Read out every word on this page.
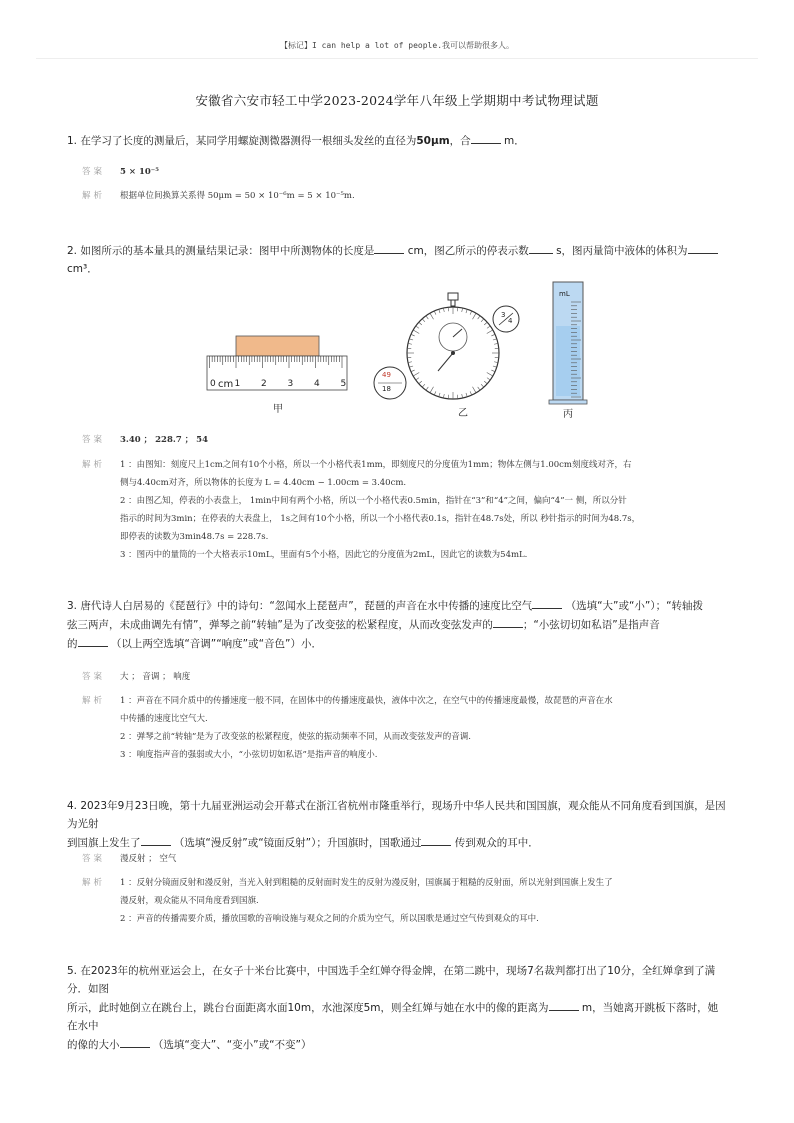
【标记】I can help a lot of people.我可以帮助很多人。
安徽省六安市轻工中学2023-2024学年八年级上学期期中考试物理试题
1. 在学习了长度的测量后，某同学用螺旋测微器测得一根细头发丝的直径为50μm，合	m．
答案	5 × 10⁻⁵
解析	根据单位间换算关系得 50μm = 50 × 10⁻⁶m = 5 × 10⁻⁵m.
2. 如图所示的基本量具的测量结果记录：图甲中所测物体的长度是	cm，图乙所示的停表示数	s，图丙量筒中液体的体积为
cm³．
1 2 3 4 5
0 cm
甲
3
4
49
18
乙
mL
丙
答案	3.40 ； 228.7 ； 54
解析	1 ：由图知：刻度尺上1cm之间有10个小格，所以一个小格代表1mm，即刻度尺的分度值为1mm；物体左侧与1.00cm刻度线对齐，右
侧与4.40cm对齐，所以物体的长度为 L = 4.40cm − 1.00cm = 3.40cm.
2 ：由图乙知，停表的小表盘上， 1min中间有两个小格，所以一个小格代表0.5min，指针在“3”和“4”之间，偏向“4”一 侧，所以分针
指示的时间为3min；在停表的大表盘上， 1s之间有10个小格，所以一个小格代表0.1s，指针在48.7s处，所以 秒针指示的时间为48.7s，
即停表的读数为3min48.7s = 228.7s.
3 ：图丙中的量筒的一个大格表示10mL，里面有5个小格，因此它的分度值为2mL，因此它的读数为54mL.
3. 唐代诗人白居易的《琵琶行》中的诗句：“忽闻水上琵琶声”，琵琶的声音在水中传播的速度比空气	（选填“大”或“小”）；“转轴拨
弦三两声，未成曲调先有情”，弹琴之前“转轴”是为了改变弦的松紧程度，从而改变弦发声的	；“小弦切切如私语”是指声音
的	（以上两空选填“音调”“响度”或“音色”）小．
答案	大 ； 音调 ； 响度
解析	1 ：声音在不同介质中的传播速度一般不同，在固体中的传播速度最快，液体中次之，在空气中的传播速度最慢，故琵琶的声音在水
中传播的速度比空气大.
2 ：弹琴之前“转轴”是为了改变弦的松紧程度，使弦的振动频率不同，从而改变弦发声的音调.
3 ：响度指声音的强弱或大小，“小弦切切如私语”是指声音的响度小.
4. 2023年9月23日晚，第十九届亚洲运动会开幕式在浙江省杭州市隆重举行，现场升中华人民共和国国旗，观众能从不同角度看到国旗，是因为光射
到国旗上发生了	（选填“漫反射”或“镜面反射”）；升国旗时，国歌通过	传到观众的耳中．
答案	漫反射 ； 空气
解析	1 ：反射分镜面反射和漫反射，当光入射到粗糙的反射面时发生的反射为漫反射，国旗属于粗糙的反射面，所以光射到国旗上发生了
漫反射，观众能从不同角度看到国旗.
2 ：声音的传播需要介质，播放国歌的音响设施与观众之间的介质为空气，所以国歌是通过空气传到观众的耳中.
5. 在2023年的杭州亚运会上，在女子十米台比赛中，中国选手全红婵夺得金牌，在第二跳中，现场7名裁判都打出了10分，全红婵拿到了满分．如图
所示，此时她倒立在跳台上，跳台台面距离水面10m，水池深度5m，则全红婵与她在水中的像的距离为	m，当她离开跳板下落时，她在水中
的像的大小	（选填“变大”、“变小”或“不变”）
